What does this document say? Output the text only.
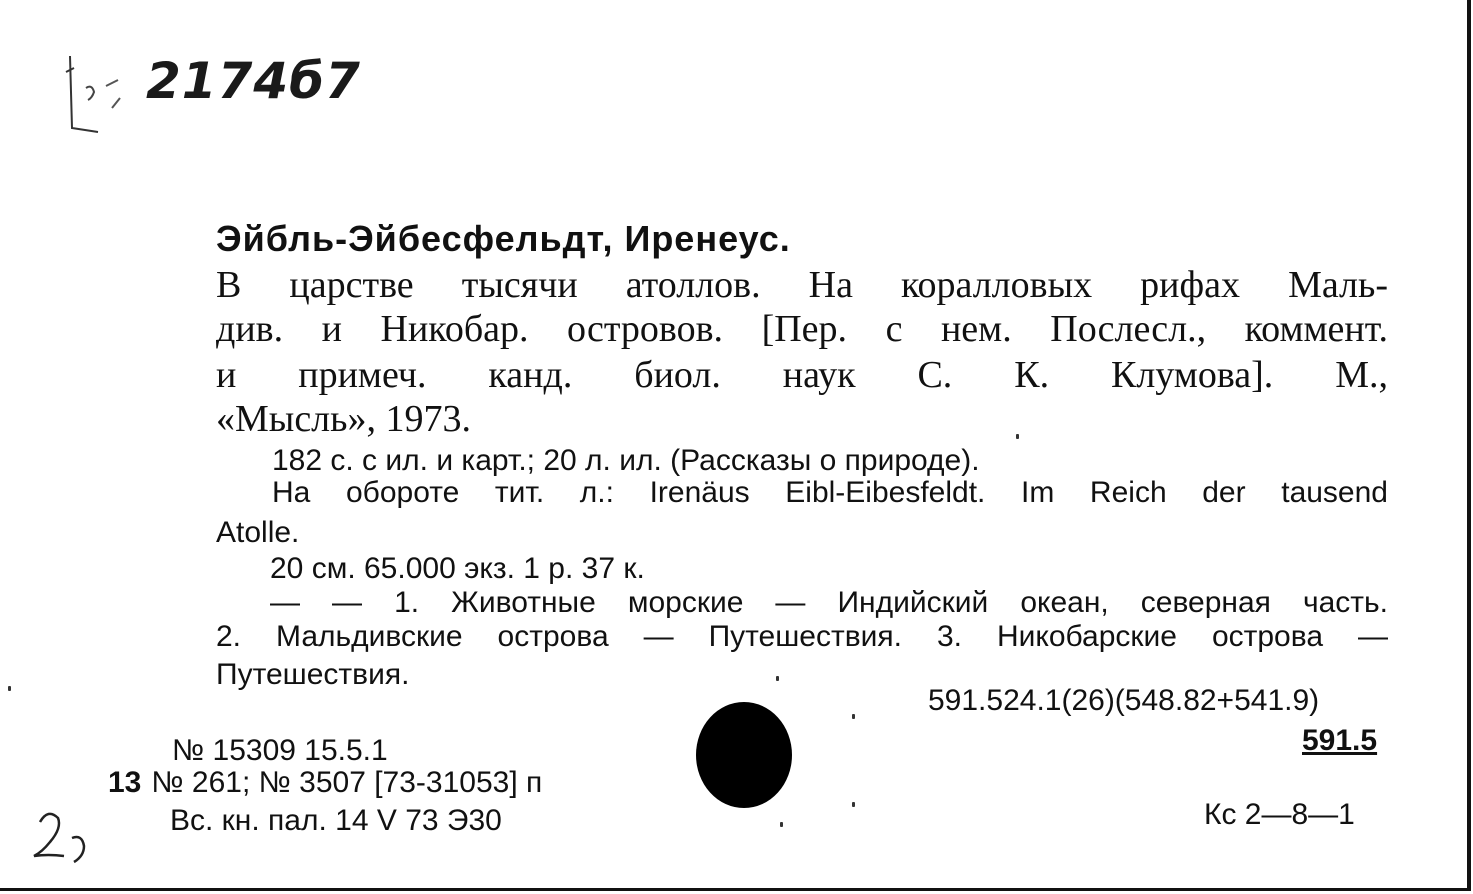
2174б7
Эйбль-Эйбесфельдт, Иренеус.
В царстве тысячи атоллов. На коралловых рифах Маль-
див. и Никобар. островов. [Пер. с нем. Послесл., коммент.
и примеч. канд. биол. наук С. К. Клумова]. М.,
«Мысль», 1973.
182 с. с ил. и карт.; 20 л. ил. (Рассказы о природе).
На обороте тит. л.: Irenäus Eibl-Eibesfeldt. Im Reich der tausend
Atolle.
20 см. 65.000 экз. 1 р. 37 к.
— — 1. Животные морские — Индийский океан, северная часть.
2. Мальдивские острова — Путешествия. 3. Никобарские острова —
Путешествия.
591.524.1(26)(548.82+541.9)
591.5
Кс 2—8—1
№ 15309 15.5.1
13 № 261; № 3507 [73-31053] п
Вс. кн. пал. 14 V 73 Э30
